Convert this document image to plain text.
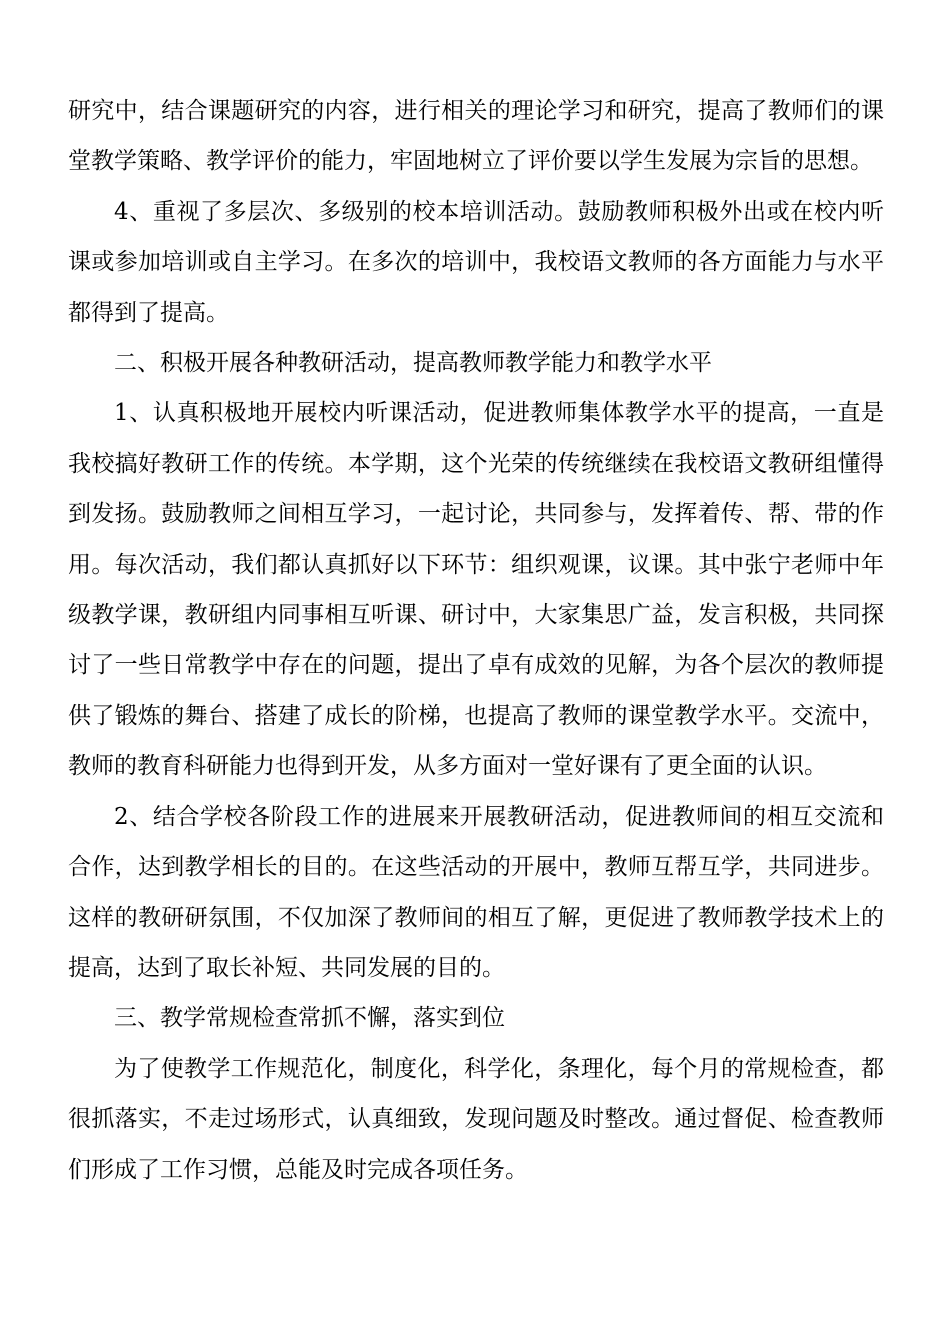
研究中，结合课题研究的内容，进行相关的理论学习和研究，提高了教师们的课堂教学策略、教学评价的能力，牢固地树立了评价要以学生发展为宗旨的思想。

4、重视了多层次、多级别的校本培训活动。鼓励教师积极外出或在校内听课或参加培训或自主学习。在多次的培训中，我校语文教师的各方面能力与水平都得到了提高。

二、积极开展各种教研活动，提高教师教学能力和教学水平

1、认真积极地开展校内听课活动，促进教师集体教学水平的提高，一直是我校搞好教研工作的传统。本学期，这个光荣的传统继续在我校语文教研组懂得到发扬。鼓励教师之间相互学习，一起讨论，共同参与，发挥着传、帮、带的作用。每次活动，我们都认真抓好以下环节：组织观课，议课。其中张宁老师中年级教学课，教研组内同事相互听课、研讨中，大家集思广益，发言积极，共同探讨了一些日常教学中存在的问题，提出了卓有成效的见解，为各个层次的教师提供了锻炼的舞台、搭建了成长的阶梯，也提高了教师的课堂教学水平。交流中，教师的教育科研能力也得到开发，从多方面对一堂好课有了更全面的认识。

2、结合学校各阶段工作的进展来开展教研活动，促进教师间的相互交流和合作，达到教学相长的目的。在这些活动的开展中，教师互帮互学，共同进步。这样的教研研氛围，不仅加深了教师间的相互了解，更促进了教师教学技术上的提高，达到了取长补短、共同发展的目的。

三、教学常规检查常抓不懈，落实到位

为了使教学工作规范化，制度化，科学化，条理化，每个月的常规检查，都很抓落实，不走过场形式，认真细致，发现问题及时整改。通过督促、检查教师们形成了工作习惯，总能及时完成各项任务。
